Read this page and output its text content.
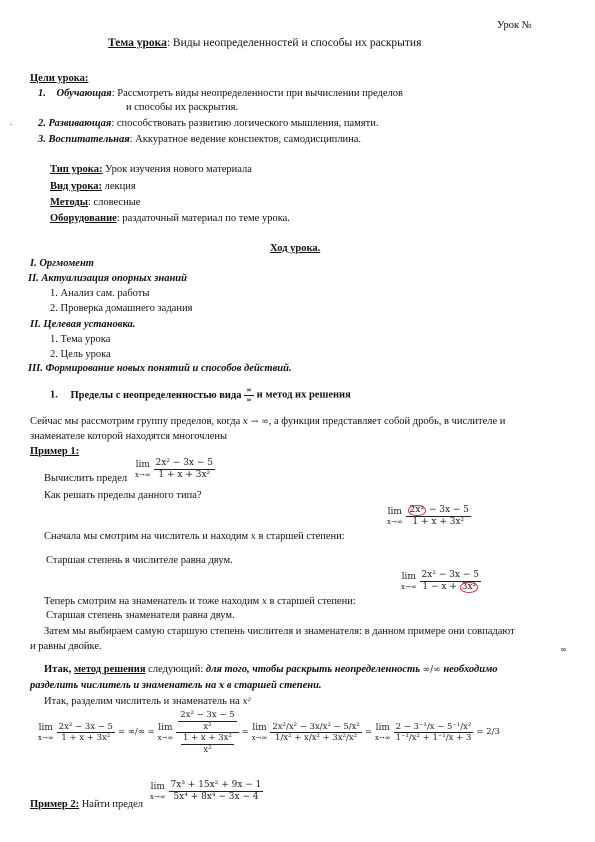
Урок №
Тема урока: Виды неопределенностей и способы их раскрытия
Цели урока:
1. Обучающая: Рассмотреть виды неопределенности при вычислении пределов
и способы их раскрытия.
. 2. Развивающая: способствовать развитию логического мышления, памяти.
3. Воспитательная: Аккуратное ведение конспектов, самодисциплина.
Тип урока: Урок изучения нового материала
Вид урока: лекция
Методы: словесные
Оборудование: раздаточный материал по теме урока.
Ход урока.
I. Оргмомент
II. Актуализация опорных знаний
1. Анализ сам. работы
2. Проверка домашнего задания
II. Целевая установка.
1. Тема урока
2. Цель урока
III. Формирование новых понятий и способов действий.
1. Пределы с неопределенностью вида $\frac{\infty}{\infty}$ и метод их решения
Сейчас мы рассмотрим группу пределов, когда x → ∞, а функция представляет собой дробь, в числителе и
знаменателе которой находятся многочлены
Пример 1:
Вычислить предел
lim
x→∞
$\frac{\text{2x² − 3x − 5}}{\text{1 + x + 3x²}}$
Как решать пределы данного типа?
Сначала мы смотрим на числитель и находим x в старшей степени:
lim
x→∞
$\frac{\text{2x² − 3x − 5}}{\text{1 + x + 3x²}}$
Старшая степень в числителе равна двум.
Теперь смотрим на знаменатель и тоже находим x в старшей степени:
lim
x→∞
$\frac{\text{2x² − 3x − 5}}{\text{1 − x + 3x²}}$
Старшая степень знаменателя равна двум.
Затем мы выбираем самую старшую степень числителя и знаменателя: в данном примере они совпадают
и равны двойке.	∞
Итак, метод решения следующий: для того, чтобы раскрыть неопределенность ∞/∞ необходимо
разделить числитель и знаменатель на x в старшей степени.
Итак, разделим числитель и знаменатель на x²
lim
$x\to\infty \frac{\text{2x² − 3x − 5}}{\text{1 + x + 3x²}}$ = ∞/∞ = lim
$x\to\infty \frac{\frac{\text{2x² − 3x − 5}}{\text{x²}}}{\frac{\text{1 + x + 3x²}}{\text{x²}}} = \lim$
$x\to\infty \frac{\text{2x²/x² − 3x/x² − 5/x²}}{\text{1/x² + x/x² + 3x²/x²}} = \lim$
$x\to\infty \frac{\text{2 − 3⁻¹/x − 5⁻¹/x²}}{\text{1⁻¹/x² + 1⁻¹/x + 3}} = 2/3$
Пример 2: Найти предел
lim
x→∞
$\frac{\text{7x³ + 15x² + 9x − 1}}{\text{5x⁴ + 8x⁴ − 3x − 4}}$
